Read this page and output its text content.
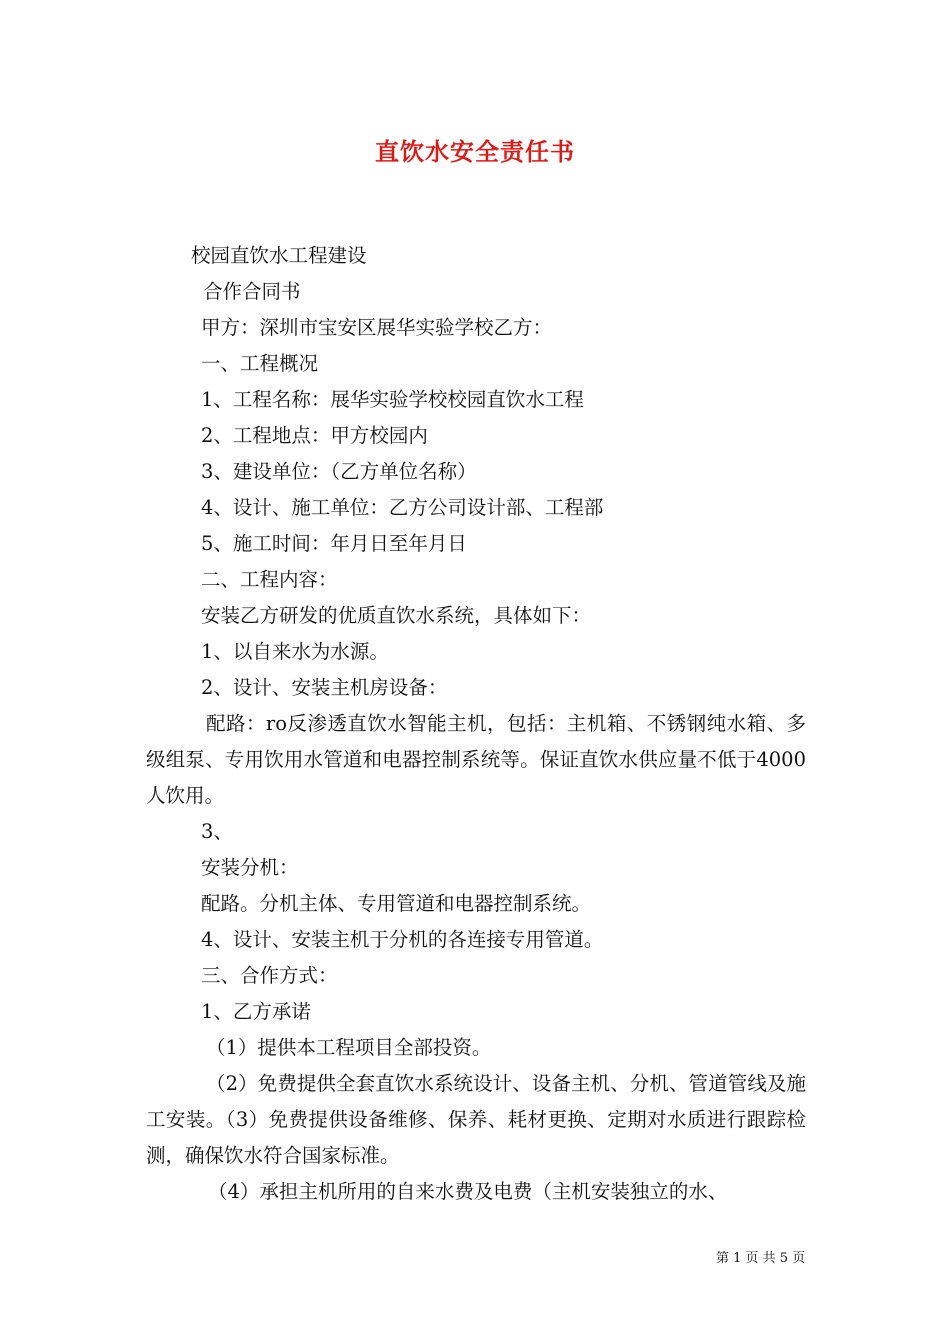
直饮水安全责任书

校园直饮水工程建设

合作合同书

甲方：深圳市宝安区展华实验学校乙方：

一、工程概况

1、工程名称：展华实验学校校园直饮水工程

2、工程地点：甲方校园内

3、建设单位：（乙方单位名称）

4、设计、施工单位：乙方公司设计部、工程部

5、施工时间：年月日至年月日

二、工程内容：

安装乙方研发的优质直饮水系统，具体如下：

1、以自来水为水源。

2、设计、安装主机房设备：

配路：ro反渗透直饮水智能主机，包括：主机箱、不锈钢纯水箱、多级组泵、专用饮用水管道和电器控制系统等。保证直饮水供应量不低于4000人饮用。

3、

安装分机：

配路。分机主体、专用管道和电器控制系统。

4、设计、安装主机于分机的各连接专用管道。

三、合作方式：

1、乙方承诺

（1）提供本工程项目全部投资。

（2）免费提供全套直饮水系统设计、设备主机、分机、管道管线及施工安装。（3）免费提供设备维修、保养、耗材更换、定期对水质进行跟踪检测，确保饮水符合国家标准。

（4）承担主机所用的自来水费及电费（主机安装独立的水、

第 1 页 共 5 页
